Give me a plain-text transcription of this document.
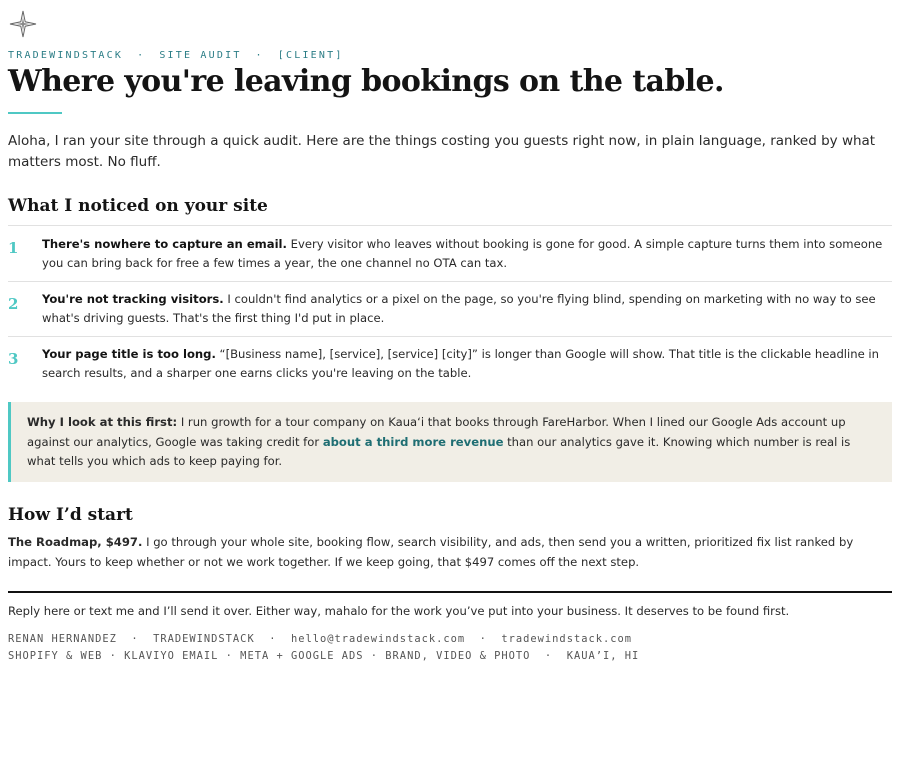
TRADEWINDSTACK · SITE AUDIT · [CLIENT]
Where you're leaving bookings on the table.

Aloha, I ran your site through a quick audit. Here are the things costing you guests right now, in plain language, ranked by what matters most. No fluff.

What I noticed on your site
1 There's nowhere to capture an email. Every visitor who leaves without booking is gone for good. A simple capture turns them into someone you can bring back for free a few times a year, the one channel no OTA can tax.
2 You're not tracking visitors. I couldn't find analytics or a pixel on the page, so you're flying blind, spending on marketing with no way to see what's driving guests. That's the first thing I'd put in place.
3 Your page title is too long. “[Business name], [service], [service] [city]” is longer than Google will show. That title is the clickable headline in search results, and a sharper one earns clicks you're leaving on the table.
Why I look at this first: I run growth for a tour company on Kaua‘i that books through FareHarbor. When I lined our Google Ads account up against our analytics, Google was taking credit for about a third more revenue than our analytics gave it. Knowing which number is real is what tells you which ads to keep paying for.
How I’d start
The Roadmap, $497. I go through your whole site, booking flow, search visibility, and ads, then send you a written, prioritized fix list ranked by impact. Yours to keep whether or not we work together. If we keep going, that $497 comes off the next step.
Reply here or text me and I’ll send it over. Either way, mahalo for the work you’ve put into your business. It deserves to be found first.
RENAN HERNANDEZ  ·  TRADEWINDSTACK  ·  hello@tradewindstack.com  ·  tradewindstack.com
SHOPIFY & WEB · KLAVIYO EMAIL · META + GOOGLE ADS · BRAND, VIDEO & PHOTO  ·  KAUA’I, HI
